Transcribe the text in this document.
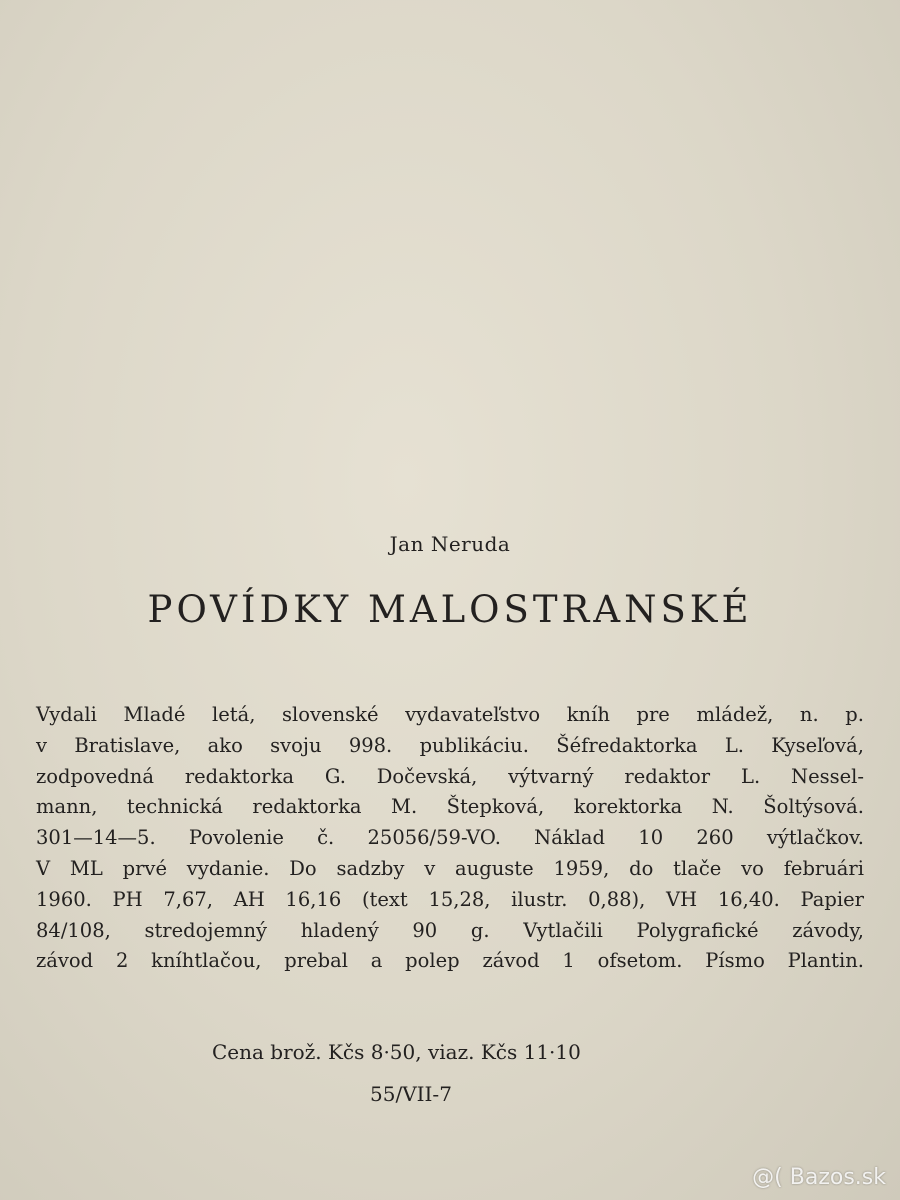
Jan Neruda
POVÍDKY MALOSTRANSKÉ
Vydali Mladé letá, slovenské vydavateľstvo kníh pre mládež, n. p.
v Bratislave, ako svoju 998. publikáciu. Šéfredaktorka L. Kyseľová,
zodpovedná redaktorka G. Dočevská, výtvarný redaktor L. Nessel-
mann, technická redaktorka M. Štepková, korektorka N. Šoltýsová.
301—14—5. Povolenie č. 25056/59-VO. Náklad 10 260 výtlačkov.
V ML prvé vydanie. Do sadzby v auguste 1959, do tlače vo februári
1960. PH 7,67, AH 16,16 (text 15,28, ilustr. 0,88), VH 16,40. Papier
84/108, stredojemný hladený 90 g. Vytlačili Polygrafické závody,
závod 2 kníhtlačou, prebal a polep závod 1 ofsetom. Písmo Plantin.
Cena brož. Kčs 8·50, viaz. Kčs 11·10
55/VII-7
@( Bazos.sk
